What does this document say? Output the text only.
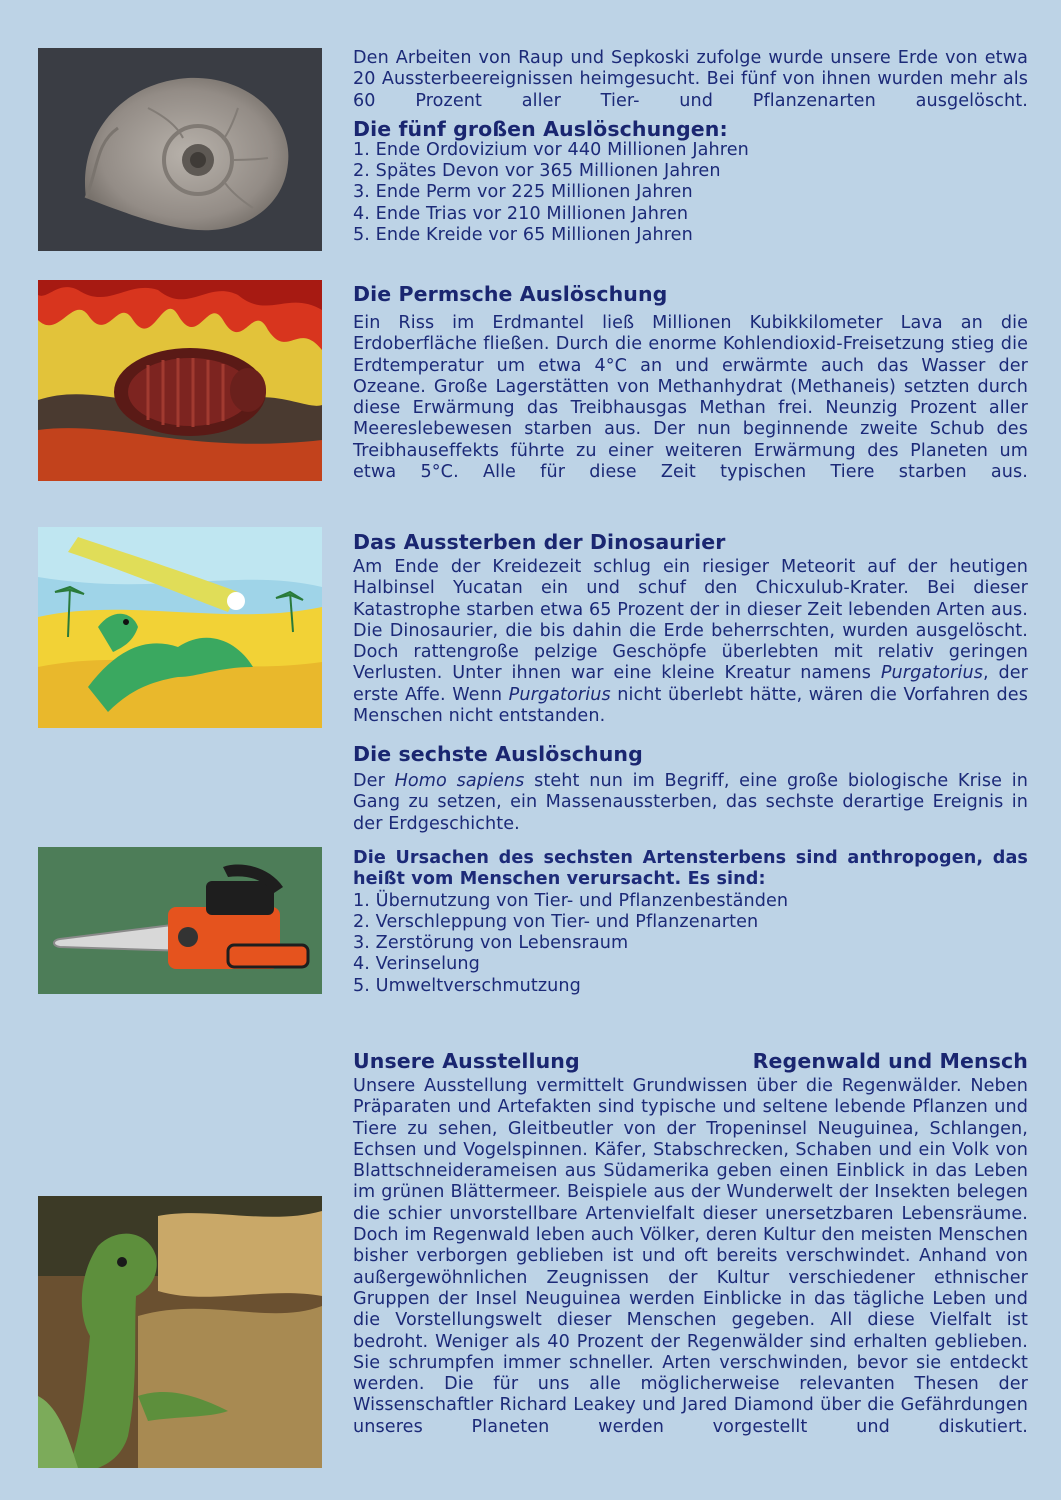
Den Arbeiten von Raup und Sepkoski zufolge wurde unsere Erde von etwa 20 Aussterbeereignissen heimgesucht. Bei fünf von ihnen wurden mehr als 60 Prozent aller Tier- und Pflanzenarten ausgelöscht.

Die fünf großen Auslöschungen:
1. Ende Ordovizium vor 440 Millionen Jahren
2. Spätes Devon vor 365 Millionen Jahren
3. Ende Perm vor 225 Millionen Jahren
4. Ende Trias vor 210 Millionen Jahren
5. Ende Kreide vor 65 Millionen Jahren
Die Permsche Auslöschung

Ein Riss im Erdmantel ließ Millionen Kubikkilometer Lava an die Erdoberfläche fließen. Durch die enorme Kohlendioxid-Freisetzung stieg die Erdtemperatur um etwa 4°C an und erwärmte auch das Wasser der Ozeane. Große Lagerstätten von Methanhydrat (Methaneis) setzten durch diese Erwärmung das Treibhausgas Methan frei. Neunzig Prozent aller Meereslebewesen starben aus. Der nun beginnende zweite Schub des Treibhauseffekts führte zu einer weiteren Erwärmung des Planeten um etwa 5°C. Alle für diese Zeit typischen Tiere starben aus.

Das Aussterben der Dinosaurier

Am Ende der Kreidezeit schlug ein riesiger Meteorit auf der heutigen Halbinsel Yucatan ein und schuf den Chicxulub-Krater. Bei dieser Katastrophe starben etwa 65 Prozent der in dieser Zeit lebenden Arten aus. Die Dinosaurier, die bis dahin die Erde beherrschten, wurden ausgelöscht. Doch rattengroße pelzige Geschöpfe überlebten mit relativ geringen Verlusten. Unter ihnen war eine kleine Kreatur namens Purgatorius, der erste Affe. Wenn Purgatorius nicht überlebt hätte, wären die Vorfahren des Menschen nicht entstanden.

Die sechste Auslöschung

Der Homo sapiens steht nun im Begriff, eine große biologische Krise in Gang zu setzen, ein Massenaussterben, das sechste derartige Ereignis in der Erdgeschichte.

Die Ursachen des sechsten Artensterbens sind anthropogen, das heißt vom Menschen verursacht. Es sind:

1. Übernutzung von Tier- und Pflanzenbeständen
2. Verschleppung von Tier- und Pflanzenarten
3. Zerstörung von Lebensraum
4. Verinselung
5. Umweltverschmutzung
Unsere Ausstellung	Regenwald und Mensch

Unsere Ausstellung vermittelt Grundwissen über die Regenwälder. Neben Präparaten und Artefakten sind typische und seltene lebende Pflanzen und Tiere zu sehen, Gleitbeutler von der Tropeninsel Neuguinea, Schlangen, Echsen und Vogelspinnen. Käfer, Stabschrecken, Schaben und ein Volk von Blattschneiderameisen aus Südamerika geben einen Einblick in das Leben im grünen Blättermeer. Beispiele aus der Wunderwelt der Insekten belegen die schier unvorstellbare Artenvielfalt dieser unersetzbaren Lebensräume. Doch im Regenwald leben auch Völker, deren Kultur den meisten Menschen bisher verborgen geblieben ist und oft bereits verschwindet. Anhand von außergewöhnlichen Zeugnissen der Kultur verschiedener ethnischer Gruppen der Insel Neuguinea werden Einblicke in das tägliche Leben und die Vorstellungswelt dieser Menschen gegeben. All diese Vielfalt ist bedroht. Weniger als 40 Prozent der Regenwälder sind erhalten geblieben. Sie schrumpfen immer schneller. Arten verschwinden, bevor sie entdeckt werden. Die für uns alle möglicherweise relevanten Thesen der Wissenschaftler Richard Leakey und Jared Diamond über die Gefährdungen unseres Planeten werden vorgestellt und diskutiert.
